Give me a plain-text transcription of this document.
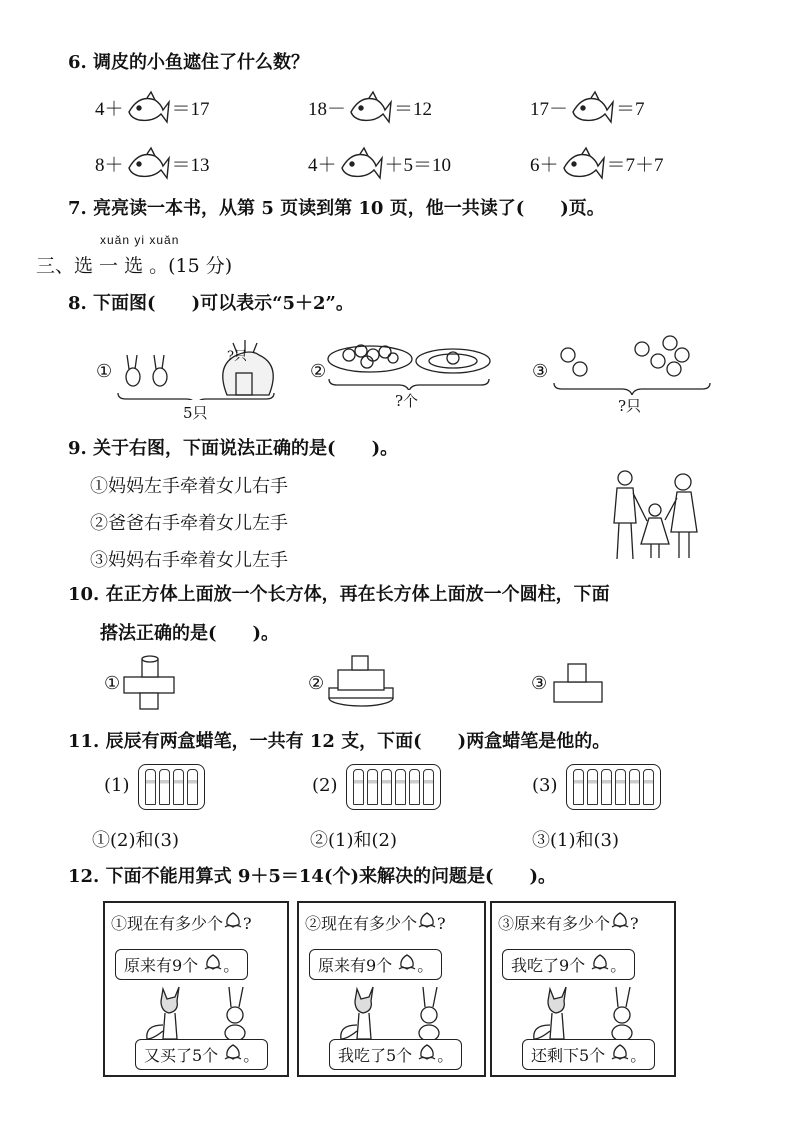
6. 调皮的小鱼遮住了什么数？
4＋	＝17	18－	＝12	17－	＝7
8＋	＝13	4＋	＋5＝10	6＋	＝7＋7
7. 亮亮读一本书，从第 5 页读到第 10 页，他一共读了(　　)页。
xuǎn yi xuǎn
三、选 一 选 。(15 分)
8. 下面图(　　)可以表示“5＋2”。
①
?只
5只
②
?个
③
?只
9. 关于右图，下面说法正确的是(　　)。
①妈妈左手牵着女儿右手
②爸爸右手牵着女儿左手
③妈妈右手牵着女儿左手
10. 在正方体上面放一个长方体，再在长方体上面放一个圆柱，下面
搭法正确的是(　　)。
①	②	③
11. 辰辰有两盒蜡笔，一共有 12 支，下面(　　)两盒蜡笔是他的。
(1)	(2)	(3)
①(2)和(3)	②(1)和(2)	③(1)和(3)
12. 下面不能用算式 9＋5＝14(个)来解决的问题是(　　)。
①现在有多少个 ?
原来有9个 。
又买了5个 。
②现在有多少个 ?
原来有9个 。
我吃了5个 。
③原来有多少个 ?
我吃了9个 。
还剩下5个 。
